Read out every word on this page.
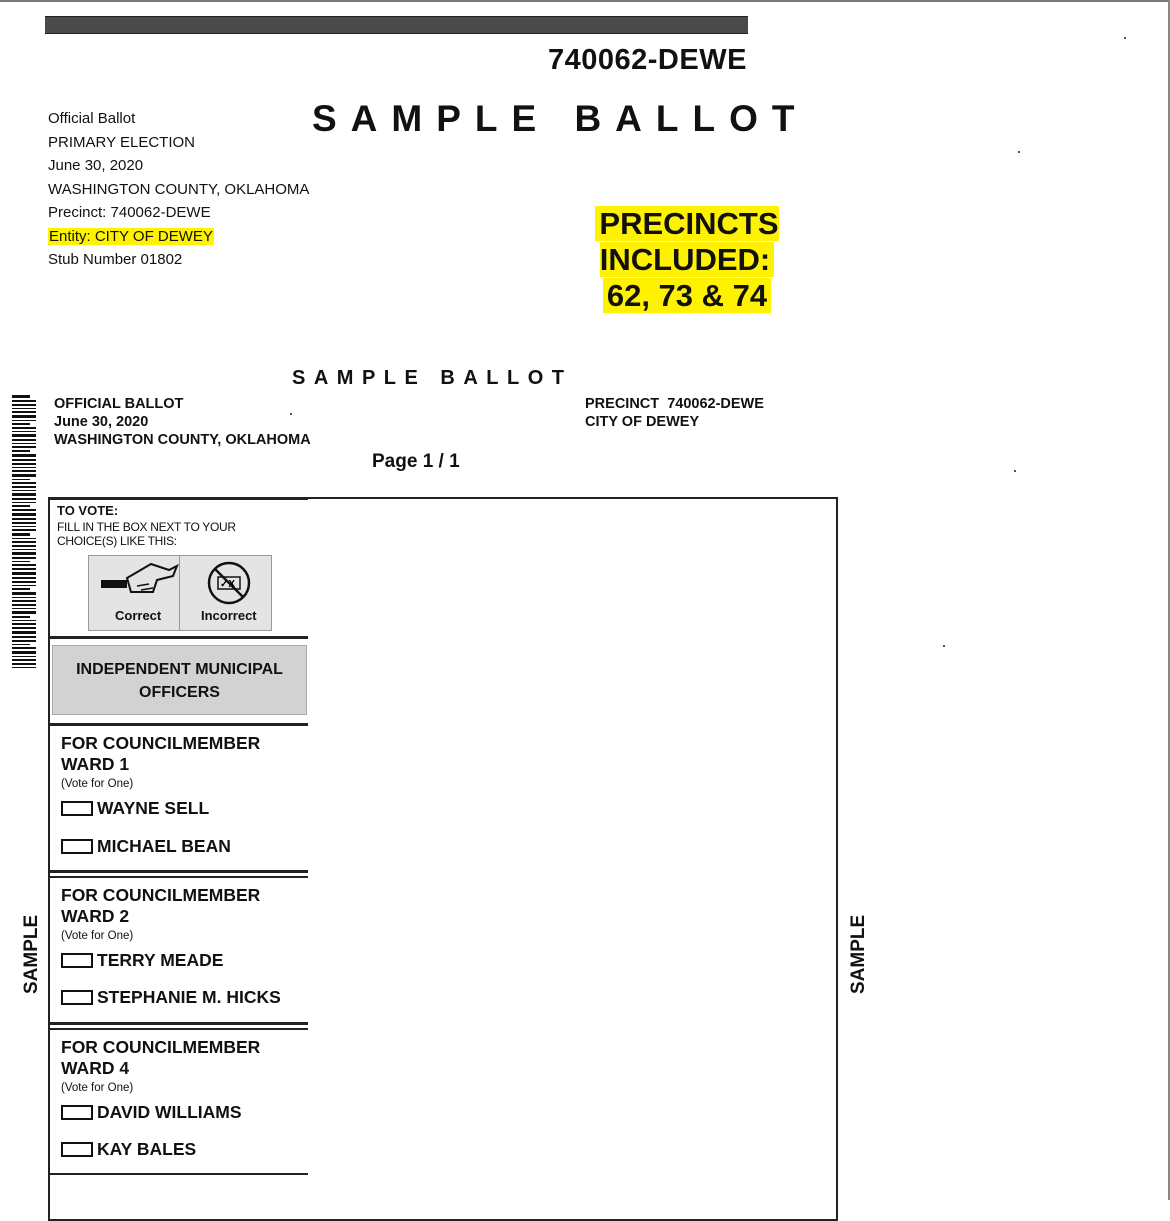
740062-DEWE
SAMPLE BALLOT
Official Ballot
PRIMARY ELECTION
June 30, 2020
WASHINGTON COUNTY, OKLAHOMA
Precinct: 740062-DEWE
Entity: CITY OF DEWEY
Stub Number 01802
PRECINCTS INCLUDED:
62, 73 & 74
SAMPLE BALLOT
OFFICIAL BALLOT
June 30, 2020
WASHINGTON COUNTY, OKLAHOMA
PRECINCT 740062-DEWE
CITY OF DEWEY
Page 1 / 1
SAMPLE	SAMPLE
TO VOTE:
FILL IN THE BOX NEXT TO YOUR
CHOICE(S) LIKE THIS:
Correct
✓X
Incorrect
INDEPENDENT MUNICIPAL
OFFICERS
FOR COUNCILMEMBER
WARD 1
(Vote for One)
WAYNE SELL
MICHAEL BEAN
FOR COUNCILMEMBER
WARD 2
(Vote for One)
TERRY MEADE
STEPHANIE M. HICKS
FOR COUNCILMEMBER
WARD 4
(Vote for One)
DAVID WILLIAMS
KAY BALES
